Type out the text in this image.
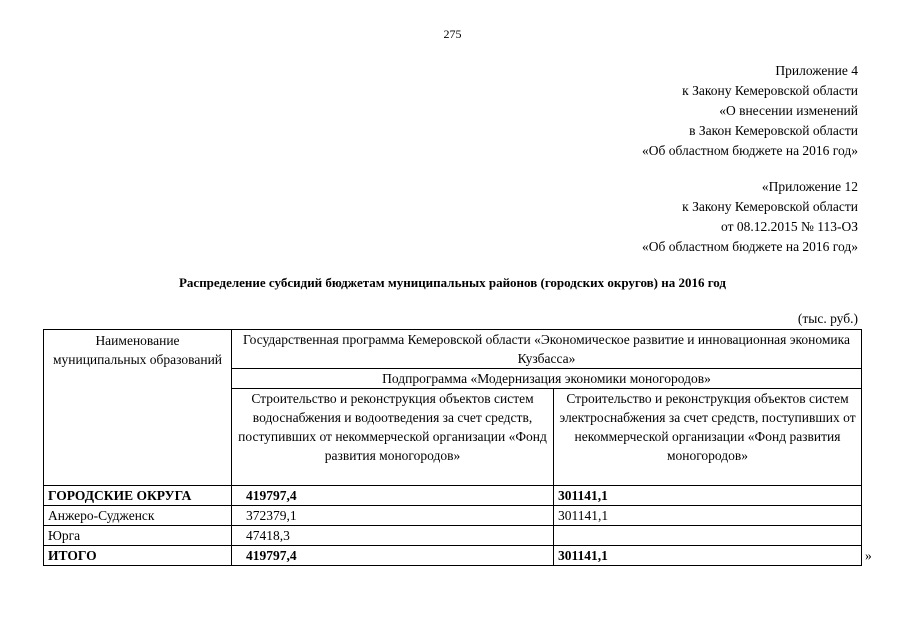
275
Приложение 4
к Закону Кемеровской области
«О внесении изменений
в Закон Кемеровской области
«Об областном бюджете на 2016 год»
«Приложение 12
к Закону Кемеровской области
от 08.12.2015 № 113-ОЗ
«Об областном бюджете на 2016 год»
Распределение субсидий бюджетам муниципальных районов (городских округов) на 2016 год
(тыс. руб.)
Наименование муниципальных образований	Государственная программа Кемеровской области «Экономическое развитие и инновационная экономика Кузбасса»	
	Подпрограмма «Модернизация экономики моногородов»	
	Строительство и реконструкция объектов систем водоснабжения и водоотведения за счет средств, поступивших от некоммерческой организации «Фонд развития моногородов»	Строительство и реконструкция объектов систем электроснабжения за счет средств, поступивших от некоммерческой организации «Фонд развития моногородов»
ГОРОДСКИЕ ОКРУГА	419797,4	301141,1
Анжеро-Судженск	372379,1	301141,1
Юрга	47418,3	
ИТОГО	419797,4	301141,1	»
